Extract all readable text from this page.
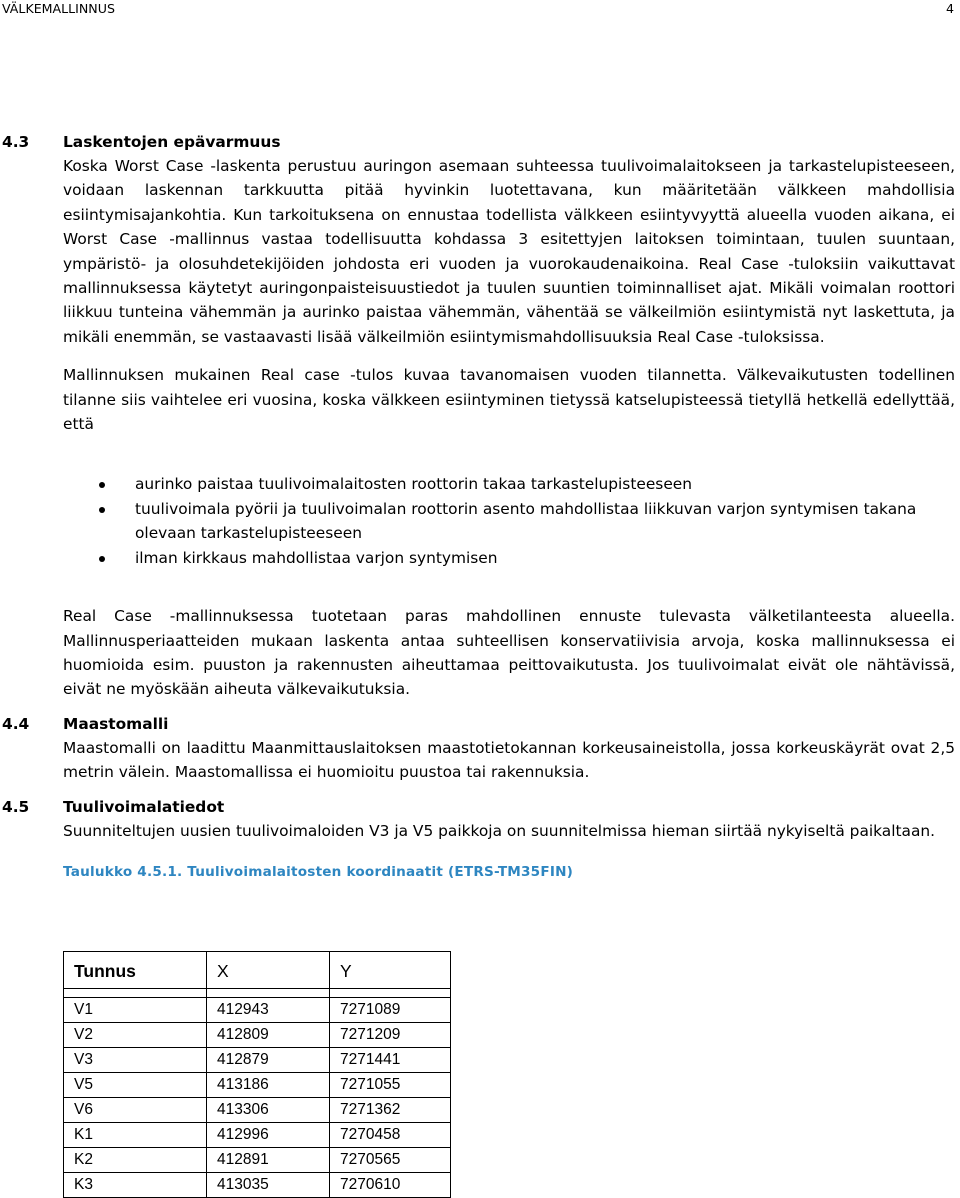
VÄLKEMALLINNUS	4
4.3 Laskentojen epävarmuus

Koska Worst Case -laskenta perustuu auringon asemaan suhteessa tuulivoimalaitokseen ja tarkastelupisteeseen, voidaan laskennan tarkkuutta pitää hyvinkin luotettavana, kun määritetään välkkeen mahdollisia esiintymisajankohtia. Kun tarkoituksena on ennustaa todellista välkkeen esiintyvyyttä alueella vuoden aikana, ei Worst Case -mallinnus vastaa todellisuutta kohdassa 3 esitettyjen laitoksen toimintaan, tuulen suuntaan, ympäristö- ja olosuhdetekijöiden johdosta eri vuoden ja vuorokaudenaikoina. Real Case -tuloksiin vaikuttavat mallinnuksessa käytetyt auringonpaisteisuustiedot ja tuulen suuntien toiminnalliset ajat. Mikäli voimalan roottori liikkuu tunteina vähemmän ja aurinko paistaa vähemmän, vähentää se välkeilmiön esiintymistä nyt laskettuta, ja mikäli enemmän, se vastaavasti lisää välkeilmiön esiintymismahdollisuuksia Real Case -tuloksissa.

Mallinnuksen mukainen Real case -tulos kuvaa tavanomaisen vuoden tilannetta. Välkevaikutusten todellinen tilanne siis vaihtelee eri vuosina, koska välkkeen esiintyminen tietyssä katselupisteessä tietyllä hetkellä edellyttää, että

aurinko paistaa tuulivoimalaitosten roottorin takaa tarkastelupisteeseen
tuulivoimala pyörii ja tuulivoimalan roottorin asento mahdollistaa liikkuvan varjon syntymisen takana olevaan tarkastelupisteeseen
ilman kirkkaus mahdollistaa varjon syntymisen

Real Case -mallinnuksessa tuotetaan paras mahdollinen ennuste tulevasta välketilanteesta alueella. Mallinnusperiaatteiden mukaan laskenta antaa suhteellisen konservatiivisia arvoja, koska mallinnuksessa ei huomioida esim. puuston ja rakennusten aiheuttamaa peittovaikutusta. Jos tuulivoimalat eivät ole nähtävissä, eivät ne myöskään aiheuta välkevaikutuksia.

4.4 Maastomalli

Maastomalli on laadittu Maanmittauslaitoksen maastotietokannan korkeusaineistolla, jossa korkeuskäyrät ovat 2,5 metrin välein. Maastomallissa ei huomioitu puustoa tai rakennuksia.

4.5 Tuulivoimalatiedot

Suunniteltujen uusien tuulivoimaloiden V3 ja V5 paikkoja on suunnitelmissa hieman siirtää nykyiseltä paikaltaan.

Taulukko 4.5.1. Tuulivoimalaitosten koordinaatit (ETRS-TM35FIN)
Tunnus	X	Y

V1	412943	7271089
V2	412809	7271209
V3	412879	7271441
V5	413186	7271055
V6	413306	7271362
K1	412996	7270458
K2	412891	7270565
K3	413035	7270610
